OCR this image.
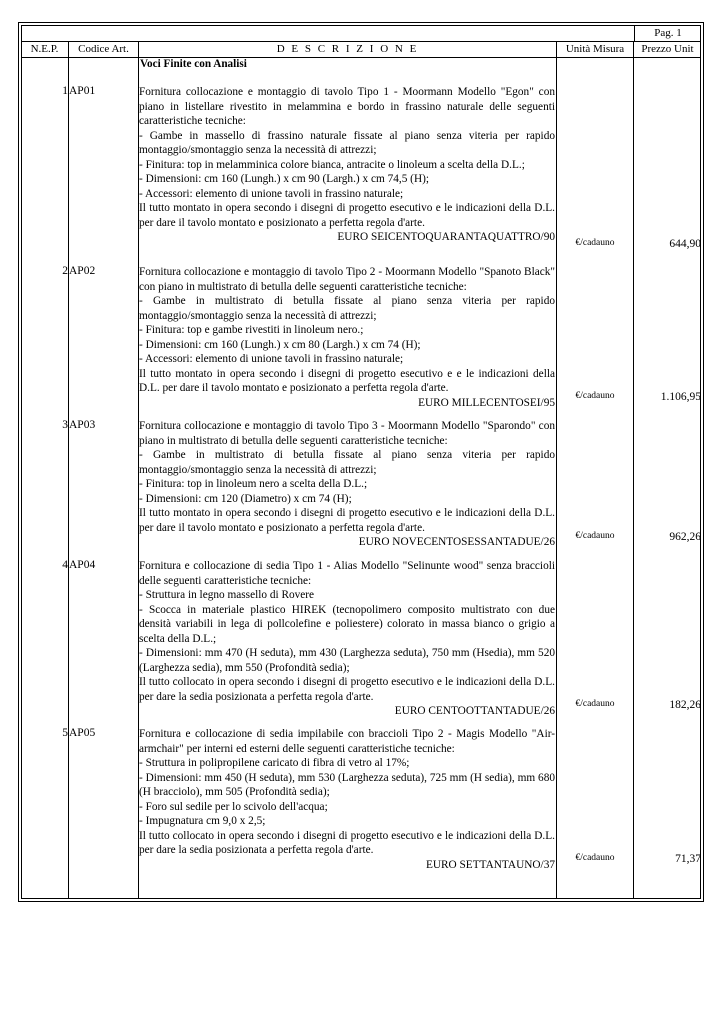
Pag. 1
N.E.P.	Codice Art.	D E S C R I Z I O N E	Unità Misura	Prezzo Unit
Voci Finite con Analisi
1 AP01	Fornitura collocazione e montaggio di tavolo Tipo 1 - Moormann Modello "Egon" con piano in listellare rivestito in melammina e bordo in frassino naturale delle seguenti caratteristiche tecniche:
- Gambe in massello di frassino naturale fissate al piano senza viteria per rapido montaggio/smontaggio senza la necessità di attrezzi;
- Finitura: top in melamminica colore bianca, antracite o linoleum a scelta della D.L.;
- Dimensioni: cm 160 (Lungh.) x cm 90 (Largh.) x cm 74,5 (H);
- Accessori: elemento di unione tavoli in frassino naturale;
Il tutto montato in opera secondo i disegni di progetto esecutivo e le indicazioni della D.L. per dare il tavolo montato e posizionato a perfetta regola d'arte.
EURO SEICENTOQUARANTAQUATTRO/90	€/cadauno	644,90
2 AP02	Fornitura collocazione e montaggio di tavolo Tipo 2 - Moormann Modello "Spanoto Black" con piano in multistrato di betulla delle seguenti caratteristiche tecniche:
- Gambe in multistrato di betulla fissate al piano senza viteria per rapido montaggio/smontaggio senza la necessità di attrezzi;
- Finitura: top e gambe rivestiti in linoleum nero.;
- Dimensioni: cm 160 (Lungh.) x cm 80 (Largh.) x cm 74 (H);
- Accessori: elemento di unione tavoli in frassino naturale;
Il tutto montato in opera secondo i disegni di progetto esecutivo e e le indicazioni della D.L. per dare il tavolo montato e posizionato a perfetta regola d'arte.
EURO MILLECENTOSEI/95
€/cadauno	1.106,95
3 AP03	Fornitura collocazione e montaggio di tavolo Tipo 3 - Moormann Modello "Sparondo" con piano in multistrato di betulla delle seguenti caratteristiche tecniche:
- Gambe in multistrato di betulla fissate al piano senza viteria per rapido montaggio/smontaggio senza la necessità di attrezzi;
- Finitura: top in linoleum nero a scelta della D.L.;
- Dimensioni: cm 120 (Diametro) x cm 74 (H);
Il tutto montato in opera secondo i disegni di progetto esecutivo e le indicazioni della D.L. per dare il tavolo montato e posizionato a perfetta regola d'arte.
EURO NOVECENTOSESSANTADUE/26	€/cadauno	962,26
4 AP04	Fornitura e collocazione di sedia Tipo 1 - Alias Modello "Selinunte wood" senza braccioli delle seguenti caratteristiche tecniche:
- Struttura in legno massello di Rovere
- Scocca in materiale plastico HIREK (tecnopolimero composito multistrato con due densità variabili in lega di pollcolefine e poliestere) colorato in massa bianco o grigio a scelta della D.L.;
- Dimensioni: mm 470 (H seduta), mm 430 (Larghezza seduta), 750 mm (Hsedia), mm 520 (Larghezza sedia), mm 550 (Profondità sedia);
Il tutto collocato in opera secondo i disegni di progetto esecutivo e le indicazioni della D.L. per dare la sedia posizionata a perfetta regola d'arte.
EURO CENTOOTTANTADUE/26
€/cadauno	182,26
5 AP05	Fornitura e collocazione di sedia impilabile con braccioli Tipo 2 - Magis Modello "Air-armchair" per interni ed esterni delle seguenti caratteristiche tecniche:
- Struttura in polipropilene caricato di fibra di vetro al 17%;
- Dimensioni: mm 450 (H seduta), mm 530 (Larghezza seduta), 725 mm (H sedia), mm 680 (H bracciolo), mm 505 (Profondità sedia);
- Foro sul sedile per lo scivolo dell'acqua;
- Impugnatura cm 9,0 x 2,5;
Il tutto collocato in opera secondo i disegni di progetto esecutivo e le indicazioni della D.L. per dare la sedia posizionata a perfetta regola d'arte.
EURO SETTANTAUNO/37
€/cadauno	71,37
